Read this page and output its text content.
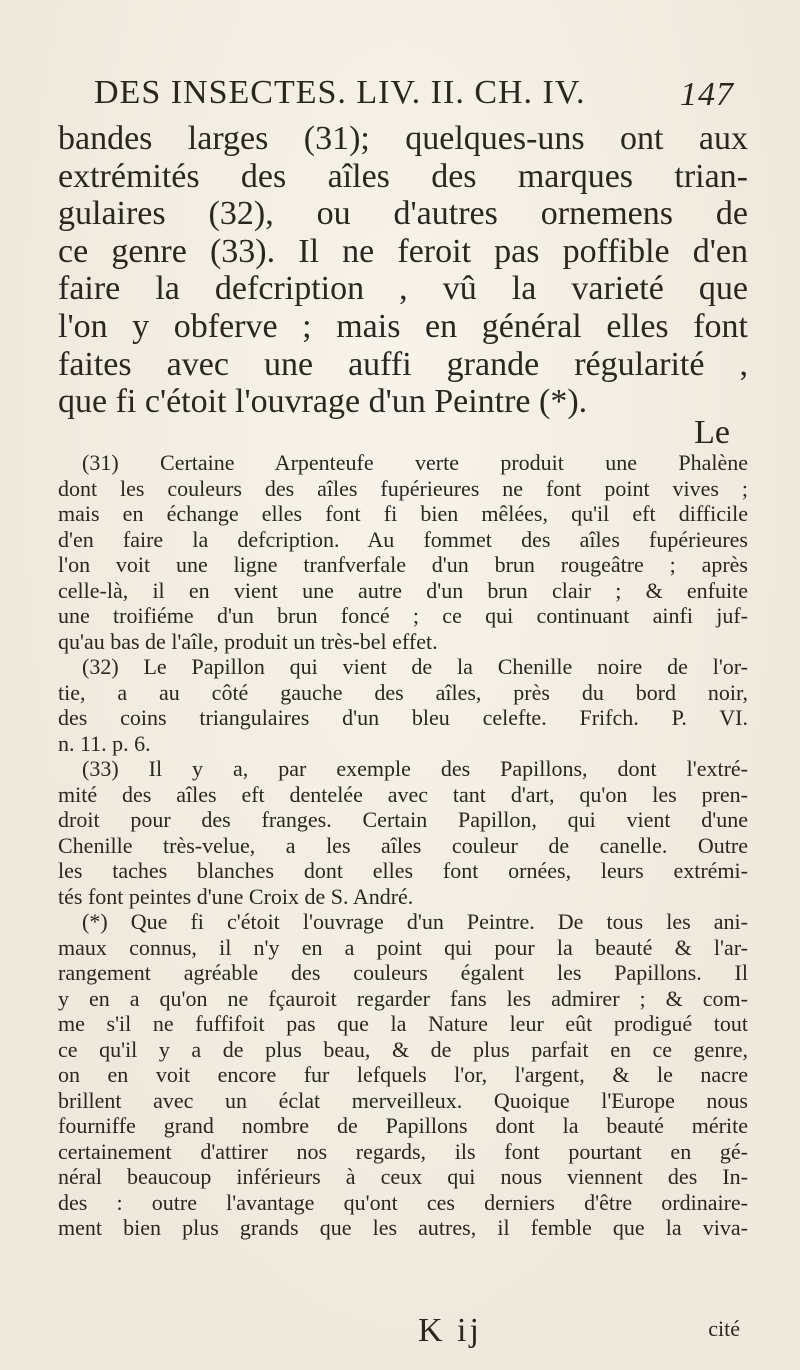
DES INSECTES. LIV. II. CH. IV.	147
bandes larges (31); quelques-uns ont aux
extrémités des aîles des marques trian-
gulaires (32), ou d'autres ornemens de
ce genre (33). Il ne feroit pas poffible d'en
faire la defcription , vû la varieté que
l'on y obferve ; mais en général elles font
faites avec une auffi grande régularité ,
que fi c'étoit l'ouvrage d'un Peintre (*).
Le
(31) Certaine Arpenteufe verte produit une Phalène
dont les couleurs des aîles fupérieures ne font point vives ;
mais en échange elles font fi bien mêlées, qu'il eft difficile
d'en faire la defcription. Au fommet des aîles fupérieures
l'on voit une ligne tranfverfale d'un brun rougeâtre ; après
celle-là, il en vient une autre d'un brun clair ; & enfuite
une troifiéme d'un brun foncé ; ce qui continuant ainfi juf-
qu'au bas de l'aîle, produit un très-bel effet.
(32) Le Papillon qui vient de la Chenille noire de l'or-
tie, a au côté gauche des aîles, près du bord noir,
des coins triangulaires d'un bleu celefte. Frifch. P. VI.
n. 11. p. 6.
(33) Il y a, par exemple des Papillons, dont l'extré-
mité des aîles eft dentelée avec tant d'art, qu'on les pren-
droit pour des franges. Certain Papillon, qui vient d'une
Chenille très-velue, a les aîles couleur de canelle. Outre
les taches blanches dont elles font ornées, leurs extrémi-
tés font peintes d'une Croix de S. André.
(*) Que fi c'étoit l'ouvrage d'un Peintre. De tous les ani-
maux connus, il n'y en a point qui pour la beauté & l'ar-
rangement agréable des couleurs égalent les Papillons. Il
y en a qu'on ne fçauroit regarder fans les admirer ; & com-
me s'il ne fuffifoit pas que la Nature leur eût prodigué tout
ce qu'il y a de plus beau, & de plus parfait en ce genre,
on en voit encore fur lefquels l'or, l'argent, & le nacre
brillent avec un éclat merveilleux. Quoique l'Europe nous
fourniffe grand nombre de Papillons dont la beauté mérite
certainement d'attirer nos regards, ils font pourtant en gé-
néral beaucoup inférieurs à ceux qui nous viennent des In-
des : outre l'avantage qu'ont ces derniers d'être ordinaire-
ment bien plus grands que les autres, il femble que la viva-
K ij	cité
